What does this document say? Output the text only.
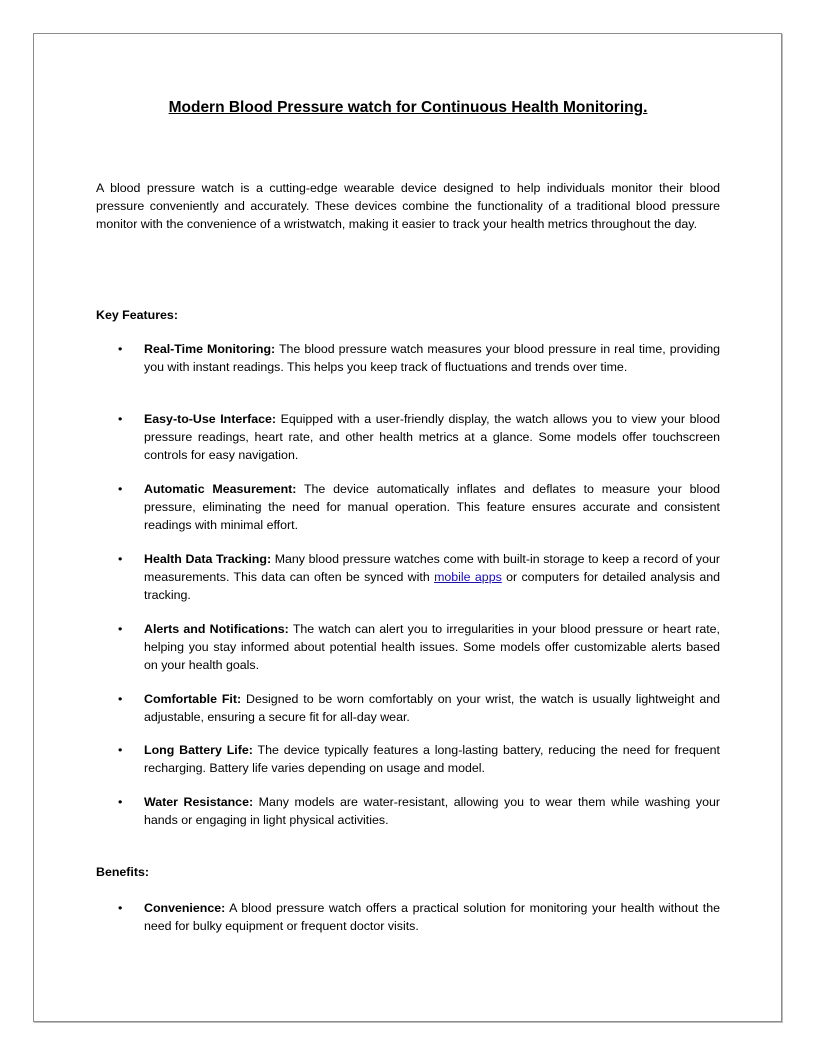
Modern Blood Pressure watch for Continuous Health Monitoring.

A blood pressure watch is a cutting-edge wearable device designed to help individuals monitor their blood pressure conveniently and accurately. These devices combine the functionality of a traditional blood pressure monitor with the convenience of a wristwatch, making it easier to track your health metrics throughout the day.

Key Features:
• Real-Time Monitoring: The blood pressure watch measures your blood pressure in real time, providing you with instant readings. This helps you keep track of fluctuations and trends over time.
• Easy-to-Use Interface: Equipped with a user-friendly display, the watch allows you to view your blood pressure readings, heart rate, and other health metrics at a glance. Some models offer touchscreen controls for easy navigation.
• Automatic Measurement: The device automatically inflates and deflates to measure your blood pressure, eliminating the need for manual operation. This feature ensures accurate and consistent readings with minimal effort.
• Health Data Tracking: Many blood pressure watches come with built-in storage to keep a record of your measurements. This data can often be synced with mobile apps or computers for detailed analysis and tracking.
• Alerts and Notifications: The watch can alert you to irregularities in your blood pressure or heart rate, helping you stay informed about potential health issues. Some models offer customizable alerts based on your health goals.
• Comfortable Fit: Designed to be worn comfortably on your wrist, the watch is usually lightweight and adjustable, ensuring a secure fit for all-day wear.
• Long Battery Life: The device typically features a long-lasting battery, reducing the need for frequent recharging. Battery life varies depending on usage and model.
• Water Resistance: Many models are water-resistant, allowing you to wear them while washing your hands or engaging in light physical activities.
Benefits:
• Convenience: A blood pressure watch offers a practical solution for monitoring your health without the need for bulky equipment or frequent doctor visits.
